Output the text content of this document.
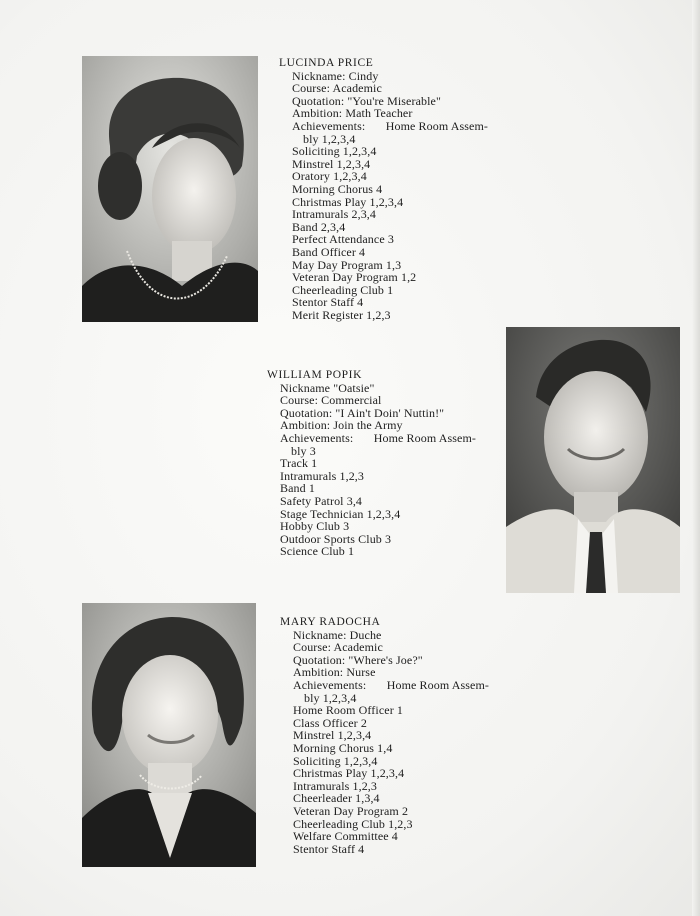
LUCINDA PRICE
Nickname: Cindy
Course: Academic
Quotation: "You're Miserable"
Ambition: Math Teacher
Achievements: Home Room Assem-
bly 1,2,3,4
Soliciting 1,2,3,4
Minstrel 1,2,3,4
Oratory 1,2,3,4
Morning Chorus 4
Christmas Play 1,2,3,4
Intramurals 2,3,4
Band 2,3,4
Perfect Attendance 3
Band Officer 4
May Day Program 1,3
Veteran Day Program 1,2
Cheerleading Club 1
Stentor Staff 4
Merit Register 1,2,3
WILLIAM POPIK
Nickname "Oatsie"
Course: Commercial
Quotation: "I Ain't Doin' Nuttin!"
Ambition: Join the Army
Achievements: Home Room Assem-
bly 3
Track 1
Intramurals 1,2,3
Band 1
Safety Patrol 3,4
Stage Technician 1,2,3,4
Hobby Club 3
Outdoor Sports Club 3
Science Club 1
MARY RADOCHA
Nickname: Duche
Course: Academic
Quotation: "Where's Joe?"
Ambition: Nurse
Achievements: Home Room Assem-
bly 1,2,3,4
Home Room Officer 1
Class Officer 2
Minstrel 1,2,3,4
Morning Chorus 1,4
Soliciting 1,2,3,4
Christmas Play 1,2,3,4
Intramurals 1,2,3
Cheerleader 1,3,4
Veteran Day Program 2
Cheerleading Club 1,2,3
Welfare Committee 4
Stentor Staff 4
